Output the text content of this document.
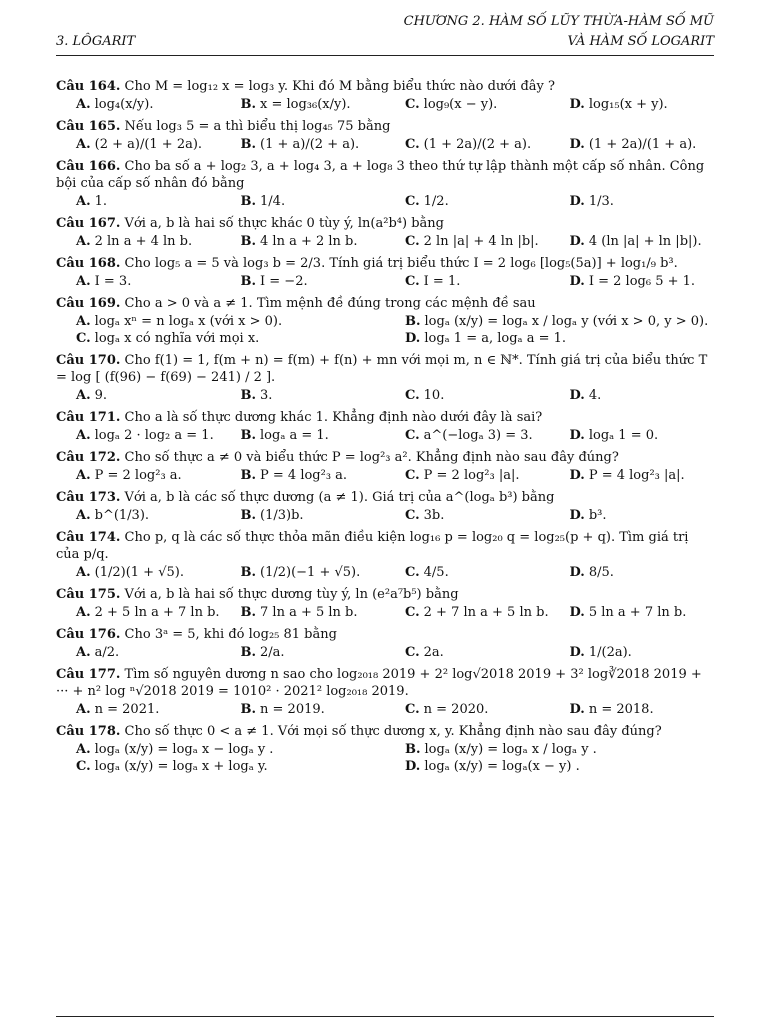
CHƯƠNG 2. HÀM SỐ LŨY THỪA-HÀM SỐ MŨ
VÀ HÀM SỐ LOGARIT
3. LÔGARIT

Câu 164. Cho M = log₁₂ x = log₃ y. Khi đó M bằng biểu thức nào dưới đây ?

A. log₄(x/y).	B. x = log₃₆(x/y).	C. log₉(x − y).	D. log₁₅(x + y).

Câu 165. Nếu log₃ 5 = a thì biểu thị log₄₅ 75 bằng

A. (2 + a)/(1 + 2a).	B. (1 + a)/(2 + a).	C. (1 + 2a)/(2 + a).	D. (1 + 2a)/(1 + a).

Câu 166. Cho ba số a + log₂ 3, a + log₄ 3, a + log₈ 3 theo thứ tự lập thành một cấp số nhân. Công bội của cấp số nhân đó bằng

A. 1.	B. 1/4.	C. 1/2.	D. 1/3.

Câu 167. Với a, b là hai số thực khác 0 tùy ý, ln(a²b⁴) bằng

A. 2 ln a + 4 ln b.	B. 4 ln a + 2 ln b.	C. 2 ln |a| + 4 ln |b|.	D. 4 (ln |a| + ln |b|).

Câu 168. Cho log₅ a = 5 và log₃ b = 2/3. Tính giá trị biểu thức I = 2 log₆ [log₅(5a)] + log₁/₉ b³.

A. I = 3.	B. I = −2.	C. I = 1.	D. I = 2 log₆ 5 + 1.

Câu 169. Cho a > 0 và a ≠ 1. Tìm mệnh đề đúng trong các mệnh đề sau

A. logₐ xⁿ = n logₐ x (với x > 0).	B. logₐ (x/y) = logₐ x / logₐ y (với x > 0, y > 0).
C. logₐ x có nghĩa với mọi x.	D. logₐ 1 = a, logₐ a = 1.

Câu 170. Cho f(1) = 1, f(m + n) = f(m) + f(n) + mn với mọi m, n ∈ ℕ*. Tính giá trị của biểu thức T = log [ (f(96) − f(69) − 241) / 2 ].

A. 9.	B. 3.	C. 10.	D. 4.

Câu 171. Cho a là số thực dương khác 1. Khẳng định nào dưới đây là sai?

A. logₐ 2 · log₂ a = 1.	B. logₐ a = 1.	C. a^(−logₐ 3) = 3.	D. logₐ 1 = 0.

Câu 172. Cho số thực a ≠ 0 và biểu thức P = log²₃ a². Khẳng định nào sau đây đúng?

A. P = 2 log²₃ a.	B. P = 4 log²₃ a.	C. P = 2 log²₃ |a|.	D. P = 4 log²₃ |a|.

Câu 173. Với a, b là các số thực dương (a ≠ 1). Giá trị của a^(logₐ b³) bằng

A. b^(1/3).	B. (1/3)b.	C. 3b.	D. b³.

Câu 174. Cho p, q là các số thực thỏa mãn điều kiện log₁₆ p = log₂₀ q = log₂₅(p + q). Tìm giá trị của p/q.

A. (1/2)(1 + √5).	B. (1/2)(−1 + √5).	C. 4/5.	D. 8/5.

Câu 175. Với a, b là hai số thực dương tùy ý, ln (e²a⁷b⁵) bằng

A. 2 + 5 ln a + 7 ln b.	B. 7 ln a + 5 ln b.	C. 2 + 7 ln a + 5 ln b.	D. 5 ln a + 7 ln b.

Câu 176. Cho 3ᵃ = 5, khi đó log₂₅ 81 bằng

A. a/2.	B. 2/a.	C. 2a.	D. 1/(2a).

Câu 177. Tìm số nguyên dương n sao cho log₂₀₁₈ 2019 + 2² log√2018 2019 + 3² log∛2018 2019 + ··· + n² log ⁿ√2018 2019 = 1010² · 2021² log₂₀₁₈ 2019.

A. n = 2021.	B. n = 2019.	C. n = 2020.	D. n = 2018.

Câu 178. Cho số thực 0 < a ≠ 1. Với mọi số thực dương x, y. Khẳng định nào sau đây đúng?

A. logₐ (x/y) = logₐ x − logₐ y .	B. logₐ (x/y) = logₐ x / logₐ y .
C. logₐ (x/y) = logₐ x + logₐ y.	D. logₐ (x/y) = logₐ(x − y) .
